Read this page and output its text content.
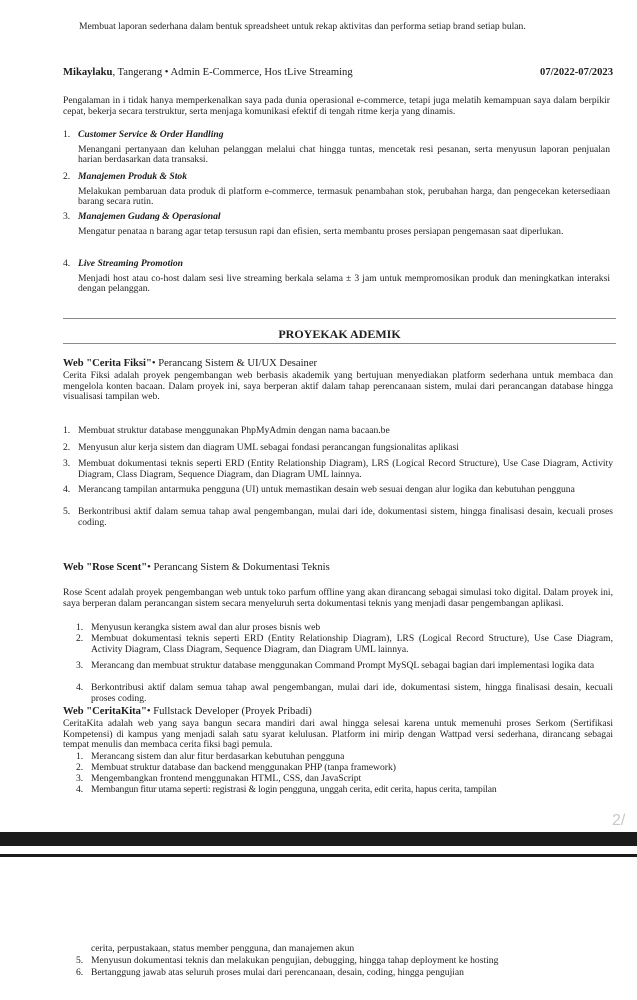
Membuat laporan sederhana dalam bentuk spreadsheet untuk rekap aktivitas dan performa setiap brand setiap bulan.
Mikaylaku, Tangerang • Admin E-Commerce, Hos tLive Streaming	07/2022-07/2023
Pengalaman in i tidak hanya memperkenalkan saya pada dunia operasional e-commerce, tetapi juga melatih kemampuan saya dalam berpikir cepat, bekerja secara terstruktur, serta menjaga komunikasi efektif di tengah ritme kerja yang dinamis.
1. Customer Service & Order Handling
Menangani pertanyaan dan keluhan pelanggan melalui chat hingga tuntas, mencetak resi pesanan, serta menyusun laporan penjualan harian berdasarkan data transaksi.
2. Manajemen Produk & Stok
Melakukan pembaruan data produk di platform e-commerce, termasuk penambahan stok, perubahan harga, dan pengecekan ketersediaan barang secara rutin.
3. Manajemen Gudang & Operasional
Mengatur penataa n barang agar tetap tersusun rapi dan efisien, serta membantu proses persiapan pengemasan saat diperlukan.
4. Live Streaming Promotion
Menjadi host atau co-host dalam sesi live streaming berkala selama ± 3 jam untuk mempromosikan produk dan meningkatkan interaksi dengan pelanggan.
PROYEKAK ADEMIK
Web "Cerita Fiksi"• Perancang Sistem & UI/UX Desainer
Cerita Fiksi adalah proyek pengembangan web berbasis akademik yang bertujuan menyediakan platform sederhana untuk membaca dan mengelola konten bacaan. Dalam proyek ini, saya berperan aktif dalam tahap perencanaan sistem, mulai dari perancangan database hingga visualisasi tampilan web.
1. Membuat struktur database menggunakan PhpMyAdmin dengan nama bacaan.be
2. Menyusun alur kerja sistem dan diagram UML sebagai fondasi perancangan fungsionalitas aplikasi
3. Membuat dokumentasi teknis seperti ERD (Entity Relationship Diagram), LRS (Logical Record Structure), Use Case Diagram, Activity Diagram, Class Diagram, Sequence Diagram, dan Diagram UML lainnya.
4. Merancang tampilan antarmuka pengguna (UI) untuk memastikan desain web sesuai dengan alur logika dan kebutuhan pengguna
5. Berkontribusi aktif dalam semua tahap awal pengembangan, mulai dari ide, dokumentasi sistem, hingga finalisasi desain, kecuali proses coding.
Web "Rose Scent"• Perancang Sistem & Dokumentasi Teknis
Rose Scent adalah proyek pengembangan web untuk toko parfum offline yang akan dirancang sebagai simulasi toko digital. Dalam proyek ini, saya berperan dalam perancangan sistem secara menyeluruh serta dokumentasi teknis yang menjadi dasar pengembangan aplikasi.
1. Menyusun kerangka sistem awal dan alur proses bisnis web
2. Membuat dokumentasi teknis seperti ERD (Entity Relationship Diagram), LRS (Logical Record Structure), Use Case Diagram, Activity Diagram, Class Diagram, Sequence Diagram, dan Diagram UML lainnya.
3. Merancang dan membuat struktur database menggunakan Command Prompt MySQL sebagai bagian dari implementasi logika data
4. Berkontribusi aktif dalam semua tahap awal pengembangan, mulai dari ide, dokumentasi sistem, hingga finalisasi desain, kecuali proses coding.
Web "CeritaKita"• Fullstack Developer (Proyek Pribadi)
CeritaKita adalah web yang saya bangun secara mandiri dari awal hingga selesai karena untuk memenuhi proses Serkom (Sertifikasi Kompetensi) di kampus yang menjadi salah satu syarat kelulusan. Platform ini mirip dengan Wattpad versi sederhana, dirancang sebagai tempat menulis dan membaca cerita fiksi bagi pemula.
1. Merancang sistem dan alur fitur berdasarkan kebutuhan pengguna
2. Membuat struktur database dan backend menggunakan PHP (tanpa framework)
3. Mengembangkan frontend menggunakan HTML, CSS, dan JavaScript
4. Membangun fitur utama seperti: registrasi & login pengguna, unggah cerita, edit cerita, hapus cerita, tampilan
2/
cerita, perpustakaan, status member pengguna, dan manajemen akun
5. Menyusun dokumentasi teknis dan melakukan pengujian, debugging, hingga tahap deployment ke hosting
6. Bertanggung jawab atas seluruh proses mulai dari perencanaan, desain, coding, hingga pengujian
